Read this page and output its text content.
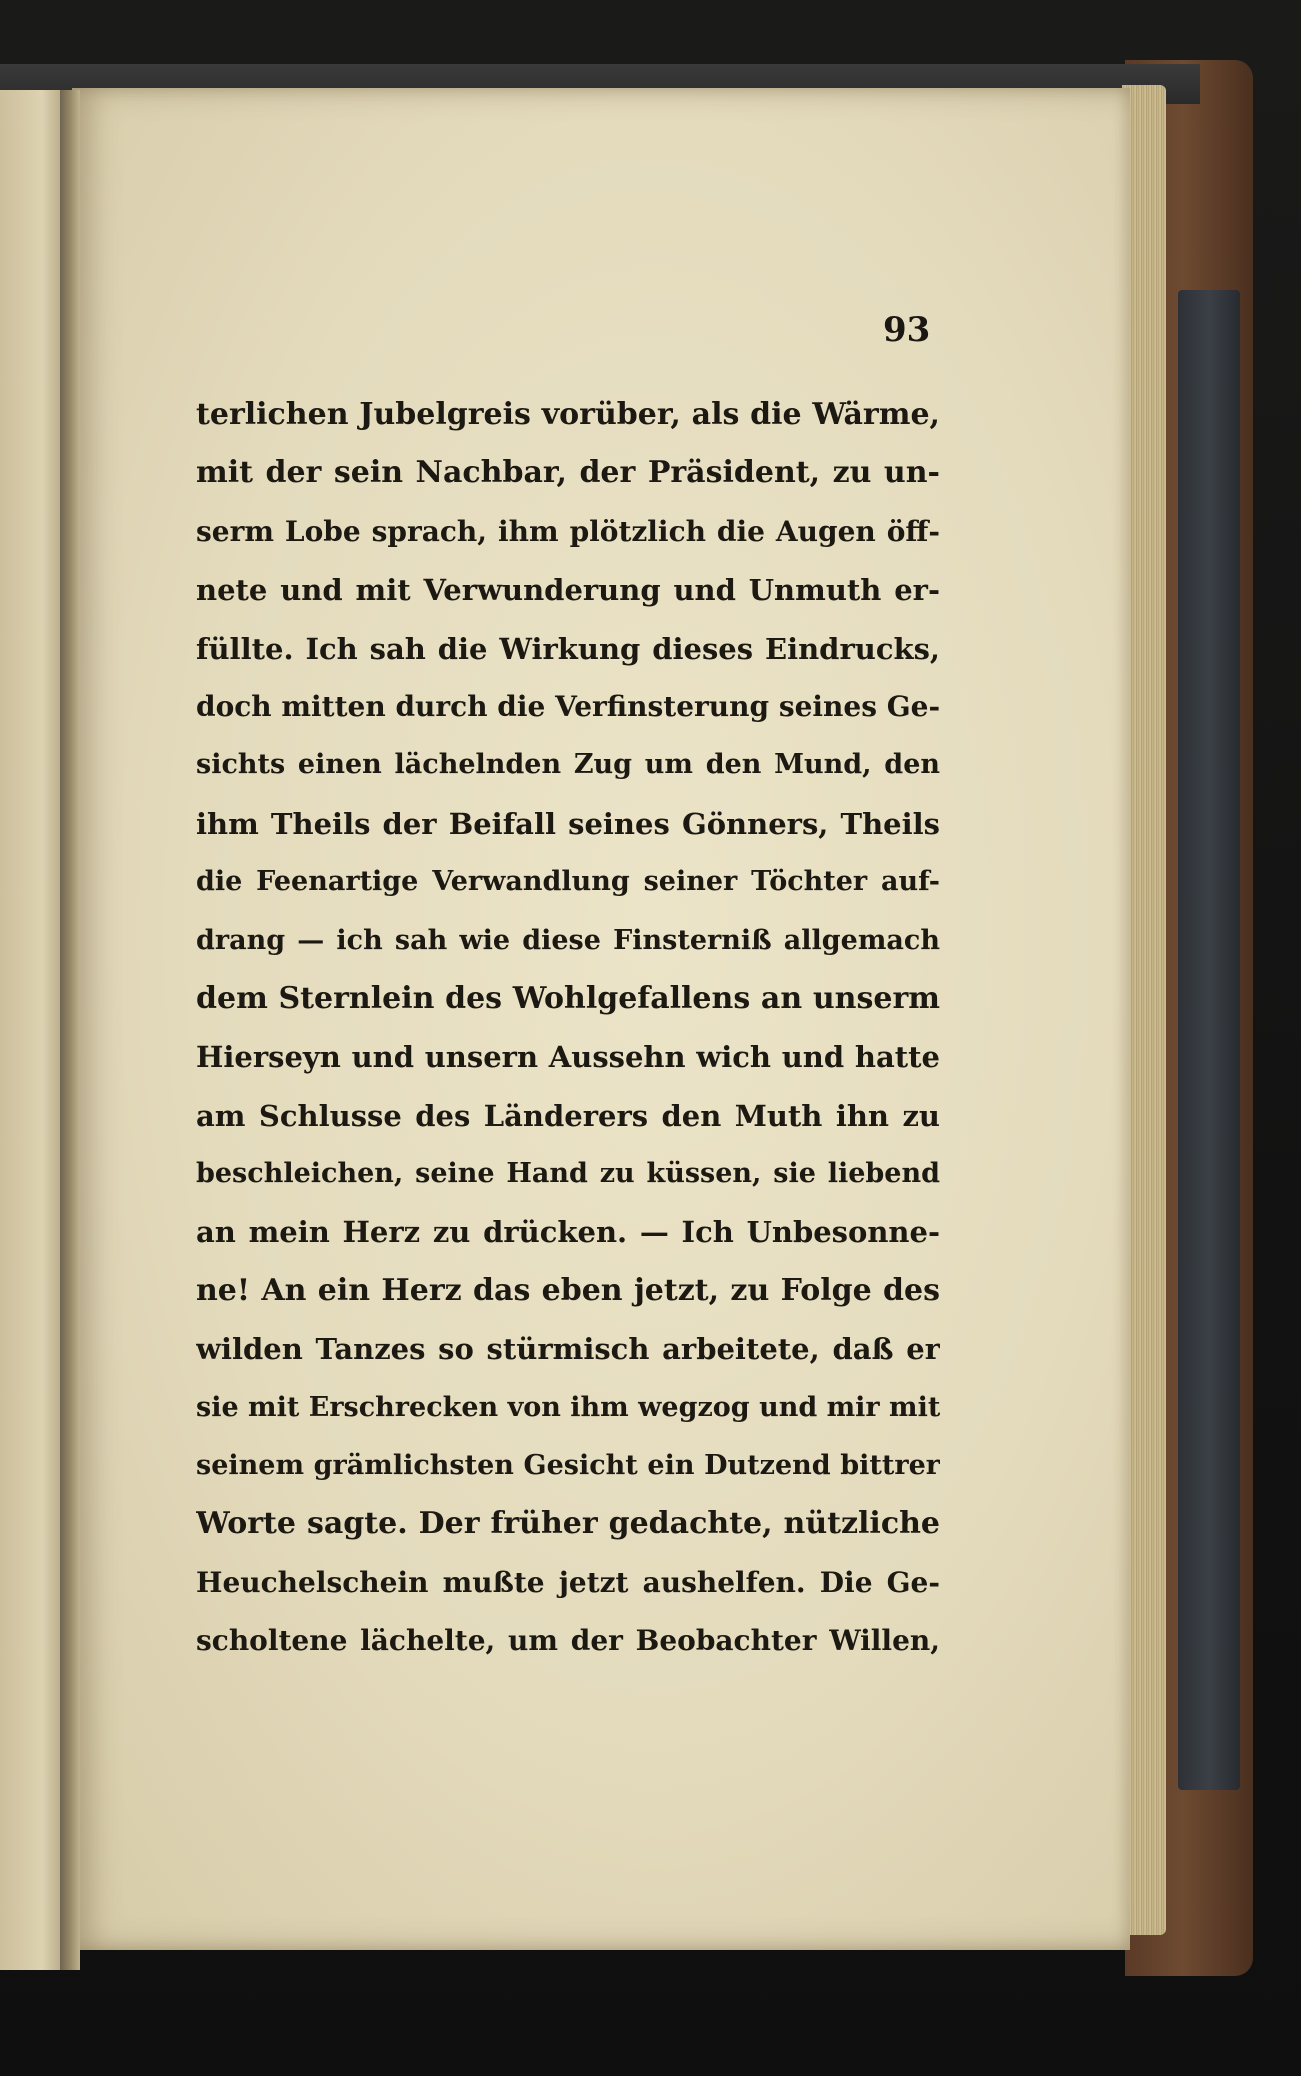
93
terlichen Jubelgreis vorüber, als die Wärme,
mit der sein Nachbar, der Präsident, zu un-
serm Lobe sprach, ihm plötzlich die Augen öff-
nete und mit Verwunderung und Unmuth er-
füllte. Ich sah die Wirkung dieses Eindrucks,
doch mitten durch die Verfinsterung seines Ge-
sichts einen lächelnden Zug um den Mund, den
ihm Theils der Beifall seines Gönners, Theils
die Feenartige Verwandlung seiner Töchter auf-
drang — ich sah wie diese Finsterniß allgemach
dem Sternlein des Wohlgefallens an unserm
Hierseyn und unsern Aussehn wich und hatte
am Schlusse des Länderers den Muth ihn zu
beschleichen, seine Hand zu küssen, sie liebend
an mein Herz zu drücken. — Ich Unbesonne-
ne! An ein Herz das eben jetzt, zu Folge des
wilden Tanzes so stürmisch arbeitete, daß er
sie mit Erschrecken von ihm wegzog und mir mit
seinem grämlichsten Gesicht ein Dutzend bittrer
Worte sagte. Der früher gedachte, nützliche
Heuchelschein mußte jetzt aushelfen. Die Ge-
scholtene lächelte, um der Beobachter Willen,
